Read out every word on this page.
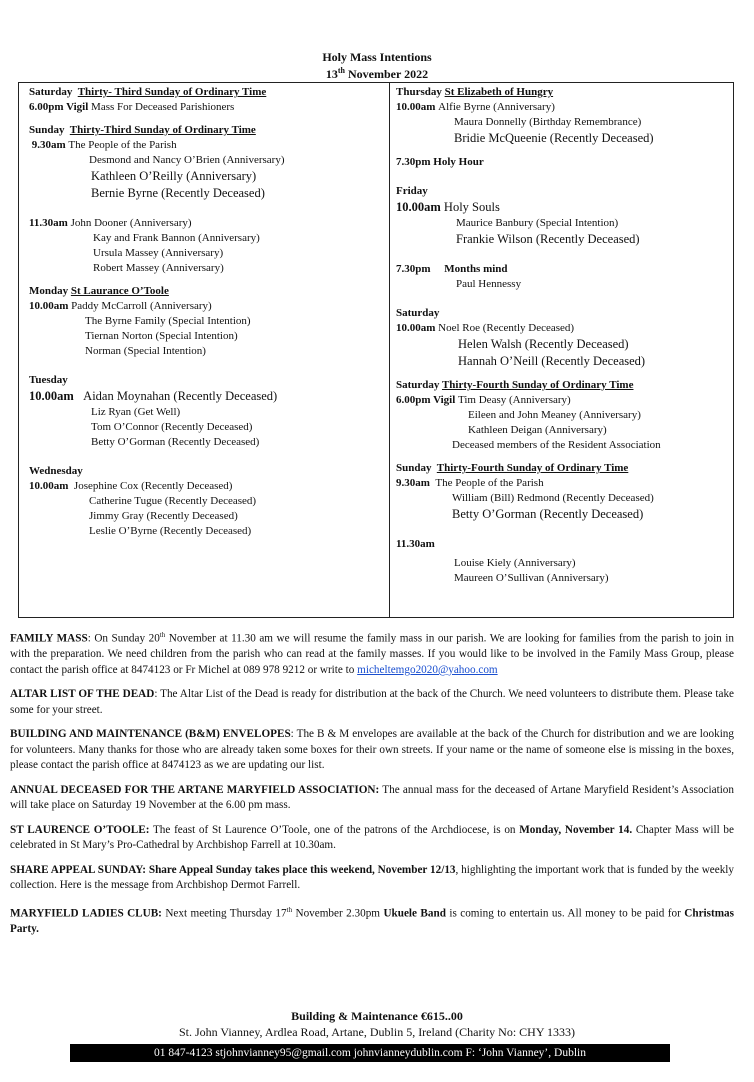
Holy Mass Intentions
13th November 2022
Saturday Thirty- Third Sunday of Ordinary Time
6.00pm Vigil
Mass For Deceased Parishioners
Sunday Thirty-Third Sunday of Ordinary Time

9.30am
The People of the Parish
Desmond and Nancy O’Brien (Anniversary)
Kathleen O’Reilly (Anniversary)
Bernie Byrne (Recently Deceased)
11.30am
John Dooner (Anniversary)
Kay and Frank Bannon (Anniversary)
Ursula Massey (Anniversary)
Robert Massey (Anniversary)
Monday St Laurance O’Toole
10.00am
Paddy McCarroll (Anniversary)
The Byrne Family (Special Intention)
Tiernan Norton (Special Intention)
Norman (Special Intention)
Tuesday
10.00am
Aidan Moynahan (Recently Deceased)
Liz Ryan (Get Well)
Tom O’Connor (Recently Deceased)
Betty O’Gorman (Recently Deceased)
Wednesday
10.00am
Josephine Cox (Recently Deceased)
Catherine Tugue (Recently Deceased)
Jimmy Gray (Recently Deceased)
Leslie O’Byrne (Recently Deceased)
Thursday St Elizabeth of Hungry
10.00am
Alfie Byrne (Anniversary)
Maura Donnelly (Birthday Remembrance)
Bridie McQueenie (Recently Deceased)
7.30pm
Holy Hour
Friday
10.00am
Holy Souls
Maurice Banbury (Special Intention)
Frankie Wilson (Recently Deceased)
7.30pm
Months mind
Paul Hennessy
Saturday
10.00am
Noel Roe (Recently Deceased)
Helen Walsh (Recently Deceased)
Hannah O’Neill (Recently Deceased)
Saturday Thirty-Fourth Sunday of Ordinary Time
6.00pm Vigil
Tim Deasy (Anniversary)
Eileen and John Meaney (Anniversary)
Kathleen Deigan (Anniversary)
Deceased members of the Resident Association
Sunday Thirty-Fourth Sunday of Ordinary Time
9.30am
The People of the Parish
William (Bill) Redmond (Recently Deceased)
Betty O’Gorman (Recently Deceased)
11.30am
Louise Kiely (Anniversary)
Maureen O’Sullivan (Anniversary)

FAMILY MASS: On Sunday 20th November at 11.30 am we will resume the family mass in our parish. We are looking for families from the parish to join in with the preparation. We need children from the parish who can read at the family masses. If you would like to be involved in the Family Mass Group, please contact the parish office at 8474123 or Fr Michel at 089 978 9212 or write to micheltemgo2020@yahoo.com

ALTAR LIST OF THE DEAD: The Altar List of the Dead is ready for distribution at the back of the Church. We need volunteers to distribute them. Please take some for your street.

BUILDING AND MAINTENANCE (B&M) ENVELOPES: The B & M envelopes are available at the back of the Church for distribution and we are looking for volunteers. Many thanks for those who are already taken some boxes for their own streets. If your name or the name of someone else is missing in the boxes, please contact the parish office at 8474123 as we are updating our list.

ANNUAL DECEASED FOR THE ARTANE MARYFIELD ASSOCIATION: The annual mass for the deceased of Artane Maryfield Resident’s Association will take place on Saturday 19 November at the 6.00 pm mass.

ST LAURENCE O’TOOLE: The feast of St Laurence O’Toole, one of the patrons of the Archdiocese, is on Monday, November 14. Chapter Mass will be celebrated in St Mary’s Pro-Cathedral by Archbishop Farrell at 10.30am.

SHARE APPEAL SUNDAY: Share Appeal Sunday takes place this weekend, November 12/13, highlighting the important work that is funded by the weekly collection. Here is the message from Archbishop Dermot Farrell.

MARYFIELD LADIES CLUB: Next meeting Thursday 17th November 2.30pm Ukuele Band is coming to entertain us. All money to be paid for Christmas Party.

Building & Maintenance €615..00
St. John Vianney, Ardlea Road, Artane, Dublin 5, Ireland (Charity No: CHY 1333)
01 847-4123 stjohnvianney95@gmail.com johnvianneydublin.com F: ‘John Vianney’, Dublin
